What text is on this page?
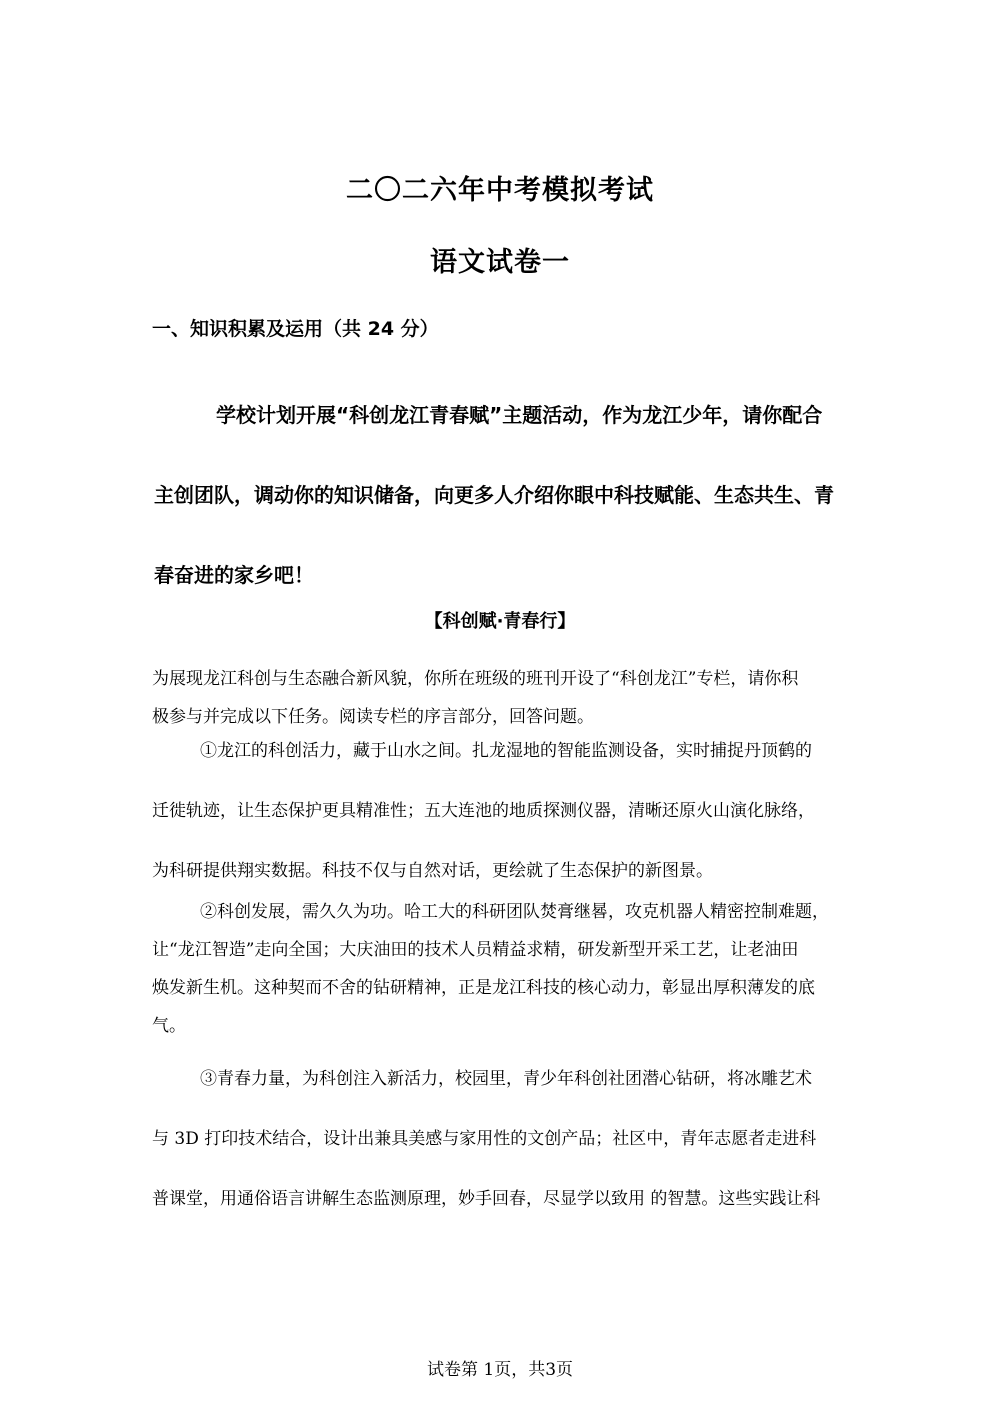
二〇二六年中考模拟考试
语文试卷一
一、知识积累及运用（共 24 分）
学校计划开展“科创龙江青春赋”主题活动，作为龙江少年，请你配合
主创团队，调动你的知识储备，向更多人介绍你眼中科技赋能、生态共生、青
春奋进的家乡吧！
【科创赋·青春行】
为展现龙江科创与生态融合新风貌，你所在班级的班刊开设了“科创龙江”专栏，请你积
极参与并完成以下任务。阅读专栏的序言部分，回答问题。
①龙江的科创活力，藏于山水之间。扎龙湿地的智能监测设备，实时捕捉丹顶鹤的
迁徙轨迹，让生态保护更具精准性；五大连池的地质探测仪器，清晰还原火山演化脉络，
为科研提供翔实数据。科技不仅与自然对话，更绘就了生态保护的新图景。
②科创发展，需久久为功。哈工大的科研团队焚膏继晷，攻克机器人精密控制难题，
让“龙江智造”走向全国；大庆油田的技术人员精益求精，研发新型开采工艺，让老油田
焕发新生机。这种契而不舍的钻研精神，正是龙江科技的核心动力，彰显出厚积薄发的底
气。
③青春力量，为科创注入新活力，校园里，青少年科创社团潜心钻研，将冰雕艺术
与 3D 打印技术结合，设计出兼具美感与家用性的文创产品；社区中，青年志愿者走进科
普课堂，用通俗语言讲解生态监测原理，妙手回春，尽显学以致用 的智慧。这些实践让科
试卷第 1页，共3页
